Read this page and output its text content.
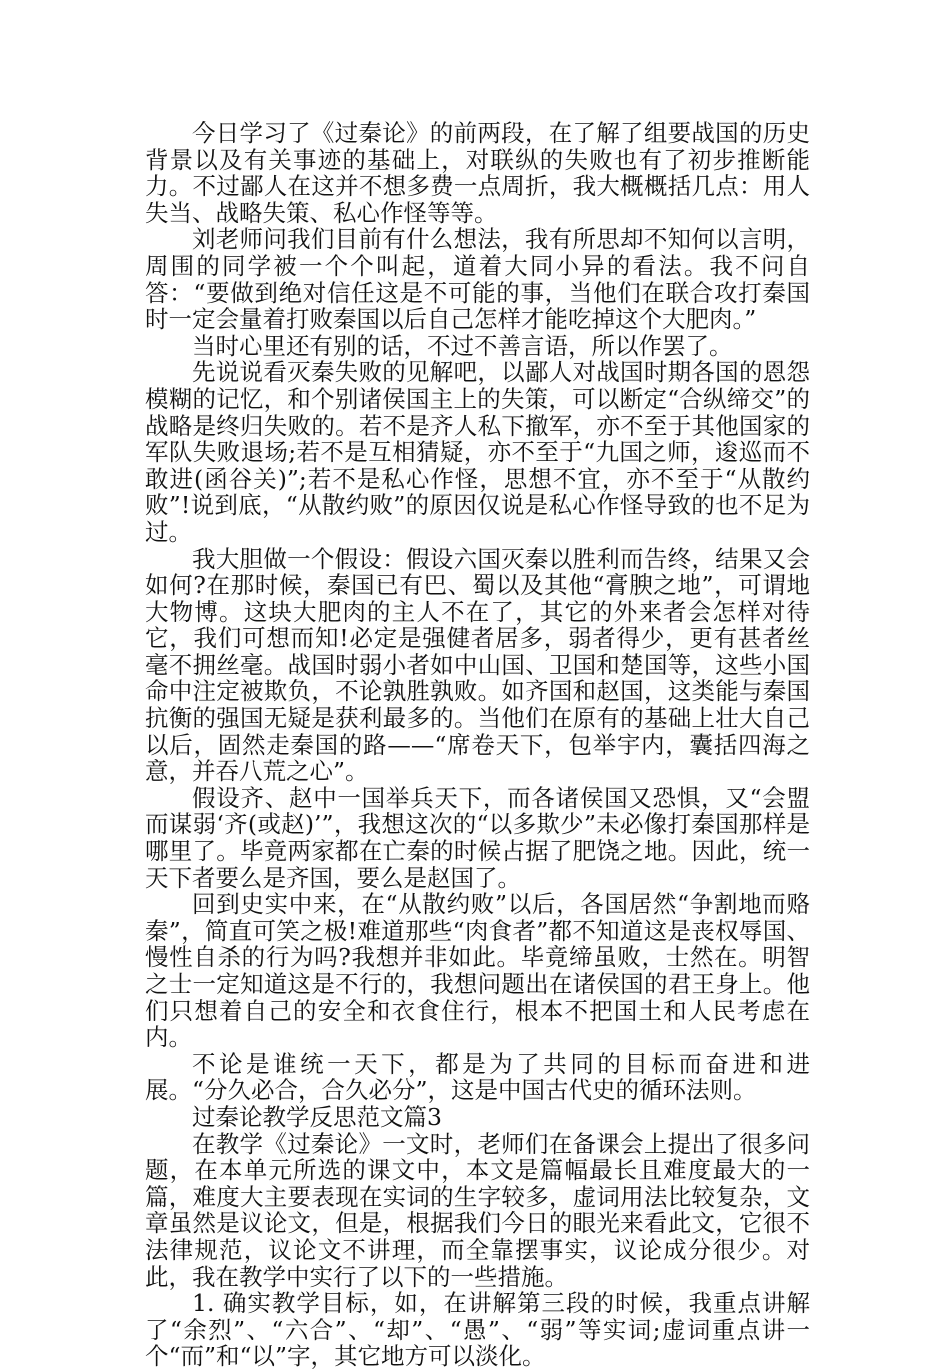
今日学习了《过秦论》的前两段，在了解了组要战国的历史背景以及有关事迹的基础上，对联纵的失败也有了初步推断能力。不过鄙人在这并不想多费一点周折，我大概概括几点：用人失当、战略失策、私心作怪等等。

刘老师问我们目前有什么想法，我有所思却不知何以言明，周围的同学被一个个叫起，道着大同小异的看法。我不问自答：“要做到绝对信任这是不可能的事，当他们在联合攻打秦国时一定会量着打败秦国以后自己怎样才能吃掉这个大肥肉。”

当时心里还有别的话，不过不善言语，所以作罢了。

先说说看灭秦失败的见解吧，以鄙人对战国时期各国的恩怨模糊的记忆，和个别诸侯国主上的失策，可以断定“合纵缔交”的战略是终归失败的。若不是齐人私下撤军，亦不至于其他国家的军队失败退场;若不是互相猜疑，亦不至于“九国之师，逡巡而不敢进(函谷关)”;若不是私心作怪，思想不宜，亦不至于“从散约败”!说到底，“从散约败”的原因仅说是私心作怪导致的也不足为过。

我大胆做一个假设：假设六国灭秦以胜利而告终，结果又会如何?在那时候，秦国已有巴、蜀以及其他“膏腴之地”，可谓地大物博。这块大肥肉的主人不在了，其它的外来者会怎样对待它，我们可想而知!必定是强健者居多，弱者得少，更有甚者丝毫不拥丝毫。战国时弱小者如中山国、卫国和楚国等，这些小国命中注定被欺负，不论孰胜孰败。如齐国和赵国，这类能与秦国抗衡的强国无疑是获利最多的。当他们在原有的基础上壮大自己以后，固然走秦国的路——“席卷天下，包举宇内，囊括四海之意，并吞八荒之心”。

假设齐、赵中一国举兵天下，而各诸侯国又恐惧，又“会盟而谋弱‘齐(或赵)’”，我想这次的“以多欺少”未必像打秦国那样是哪里了。毕竟两家都在亡秦的时候占据了肥饶之地。因此，统一天下者要么是齐国，要么是赵国了。

回到史实中来，在“从散约败”以后，各国居然“争割地而赂秦”，简直可笑之极!难道那些“肉食者”都不知道这是丧权辱国、慢性自杀的行为吗?我想并非如此。毕竟缔虽败，士然在。明智之士一定知道这是不行的，我想问题出在诸侯国的君王身上。他们只想着自己的安全和衣食住行，根本不把国土和人民考虑在内。

不论是谁统一天下，都是为了共同的目标而奋进和进展。“分久必合，合久必分”，这是中国古代史的循环法则。

过秦论教学反思范文篇3

在教学《过秦论》一文时，老师们在备课会上提出了很多问题，在本单元所选的课文中，本文是篇幅最长且难度最大的一篇，难度大主要表现在实词的生字较多，虚词用法比较复杂，文章虽然是议论文，但是，根据我们今日的眼光来看此文，它很不法律规范，议论文不讲理，而全靠摆事实，议论成分很少。对此，我在教学中实行了以下的一些措施。

1. 确实教学目标，如，在讲解第三段的时候，我重点讲解了“余烈”、“六合”、“却”、“愚”、“弱”等实词;虚词重点讲一个“而”和“以”字，其它地方可以淡化。
